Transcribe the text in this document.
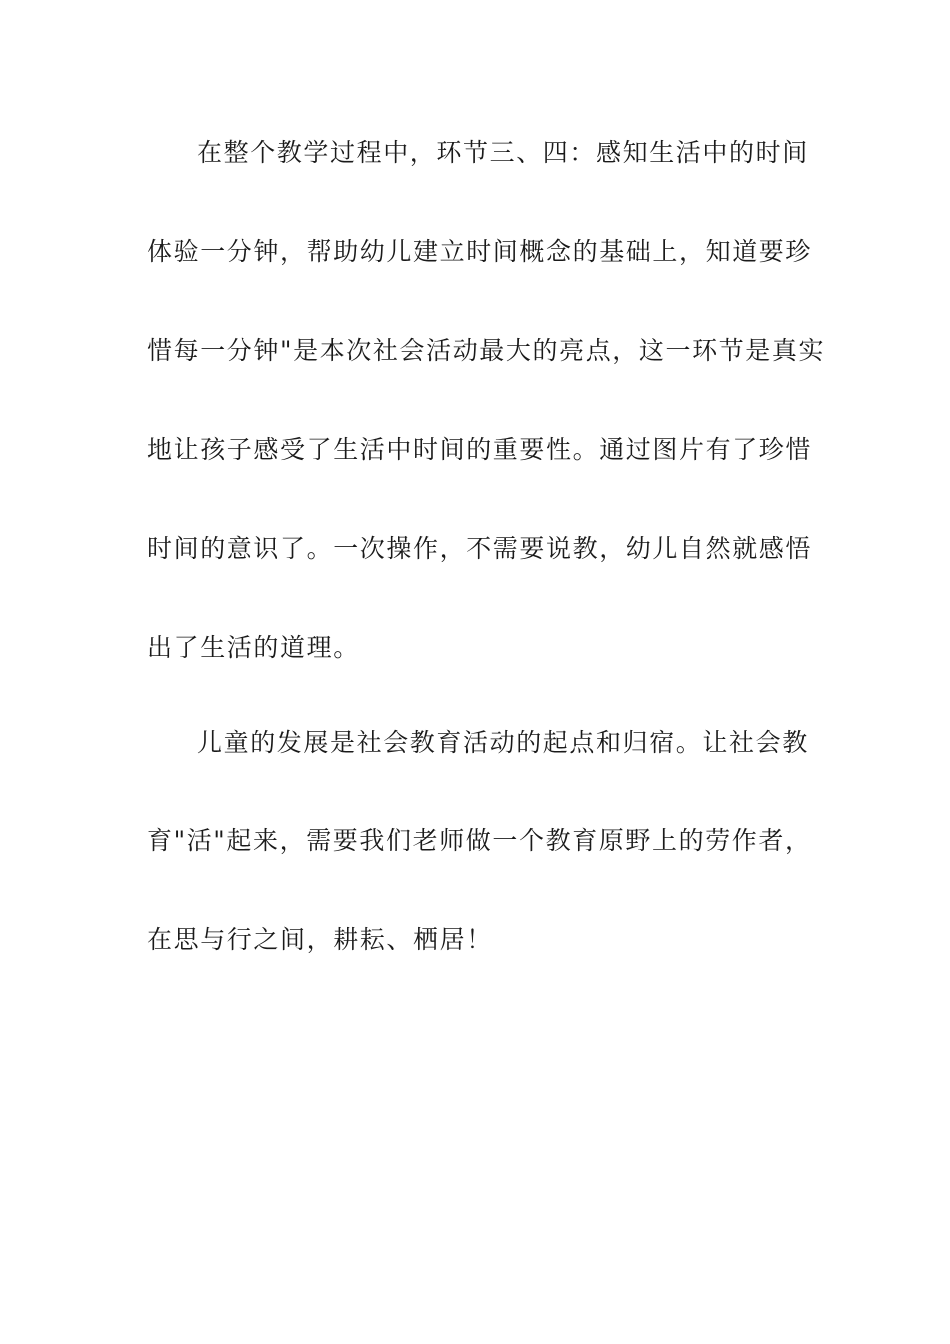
在整个教学过程中，环节三、四：感知生活中的时间
体验一分钟，帮助幼儿建立时间概念的基础上，知道要珍
惜每一分钟"是本次社会活动最大的亮点，这一环节是真实
地让孩子感受了生活中时间的重要性。通过图片有了珍惜
时间的意识了。一次操作，不需要说教，幼儿自然就感悟
出了生活的道理。
儿童的发展是社会教育活动的起点和归宿。让社会教
育"活"起来，需要我们老师做一个教育原野上的劳作者，
在思与行之间，耕耘、栖居！
